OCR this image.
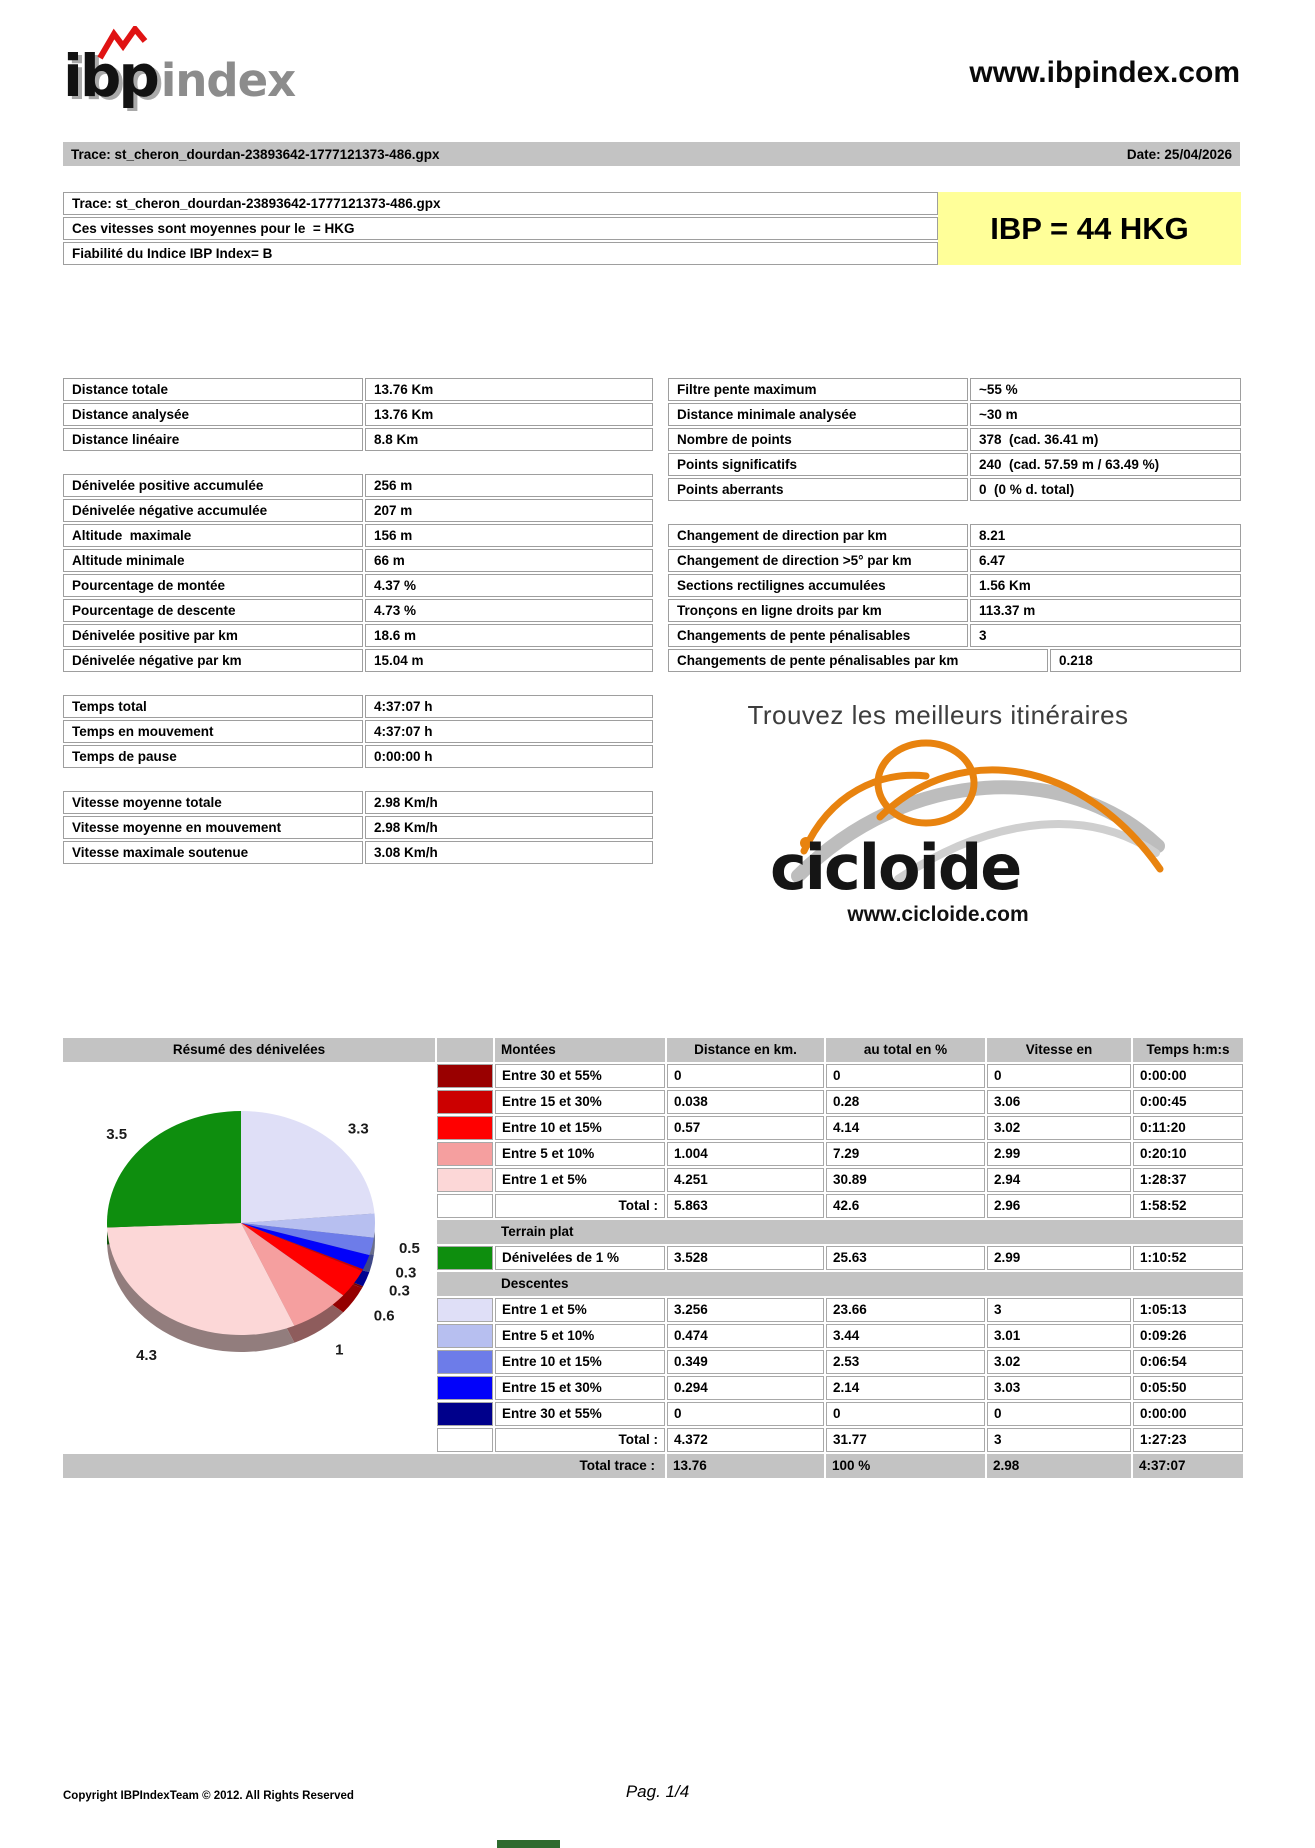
ibp index	www.ibpindex.com
Trace: st_cheron_dourdan-23893642-1777121373-486.gpx	Date: 25/04/2026
Trace: st_cheron_dourdan-23893642-1777121373-486.gpx
Ces vitesses sont moyennes pour le  = HKG
Fiabilité du Indice IBP Index= B
IBP = 44 HKG
Distance totale	13.76 Km
Distance analysée	13.76 Km
Distance linéaire	8.8 Km
Dénivelée positive accumulée	256 m
Dénivelée négative accumulée	207 m
Altitude  maximale	156 m
Altitude minimale	66 m
Pourcentage de montée	4.37 %
Pourcentage de descente	4.73 %
Dénivelée positive par km	18.6 m
Dénivelée négative par km	15.04 m
Temps total	4:37:07 h
Temps en mouvement	4:37:07 h
Temps de pause	0:00:00 h
Vitesse moyenne totale	2.98 Km/h
Vitesse moyenne en mouvement	2.98 Km/h
Vitesse maximale soutenue	3.08 Km/h
Filtre pente maximum	~55 %
Distance minimale analysée	~30 m
Nombre de points	378  (cad. 36.41 m)
Points significatifs	240  (cad. 57.59 m / 63.49 %)
Points aberrants	0  (0 % d. total)
Changement de direction par km	8.21
Changement de direction >5° par km	6.47
Sections rectilignes accumulées	1.56 Km
Tronçons en ligne droits par km	113.37 m
Changements de pente pénalisables	3
Changements de pente pénalisables par km	0.218
Trouvez les meilleurs itinéraires
cicloide
www.cicloide.com
Résumé des dénivelées	Montées	Distance en km.	au total en %	Vitesse en	Temps h:m:s
3.3
0.5
0.3
0.3
0.6
1
4.3
3.5
Entre 30 et 55%	0	0	0	0:00:00
Entre 15 et 30%	0.038	0.28	3.06	0:00:45
Entre 10 et 15%	0.57	4.14	3.02	0:11:20
Entre 5 et 10%	1.004	7.29	2.99	0:20:10
Entre 1 et 5%	4.251	30.89	2.94	1:28:37
Total :	5.863	42.6	2.96	1:58:52
Terrain plat
Dénivelées de 1 %	3.528	25.63	2.99	1:10:52
Descentes
Entre 1 et 5%	3.256	23.66	3	1:05:13
Entre 5 et 10%	0.474	3.44	3.01	0:09:26
Entre 10 et 15%	0.349	2.53	3.02	0:06:54
Entre 15 et 30%	0.294	2.14	3.03	0:05:50
Entre 30 et 55%	0	0	0	0:00:00
Total :	4.372	31.77	3	1:27:23
Total trace :	13.76	100 %	2.98	4:37:07
Copyright IBPIndexTeam © 2012. All Rights Reserved	Pag. 1/4
